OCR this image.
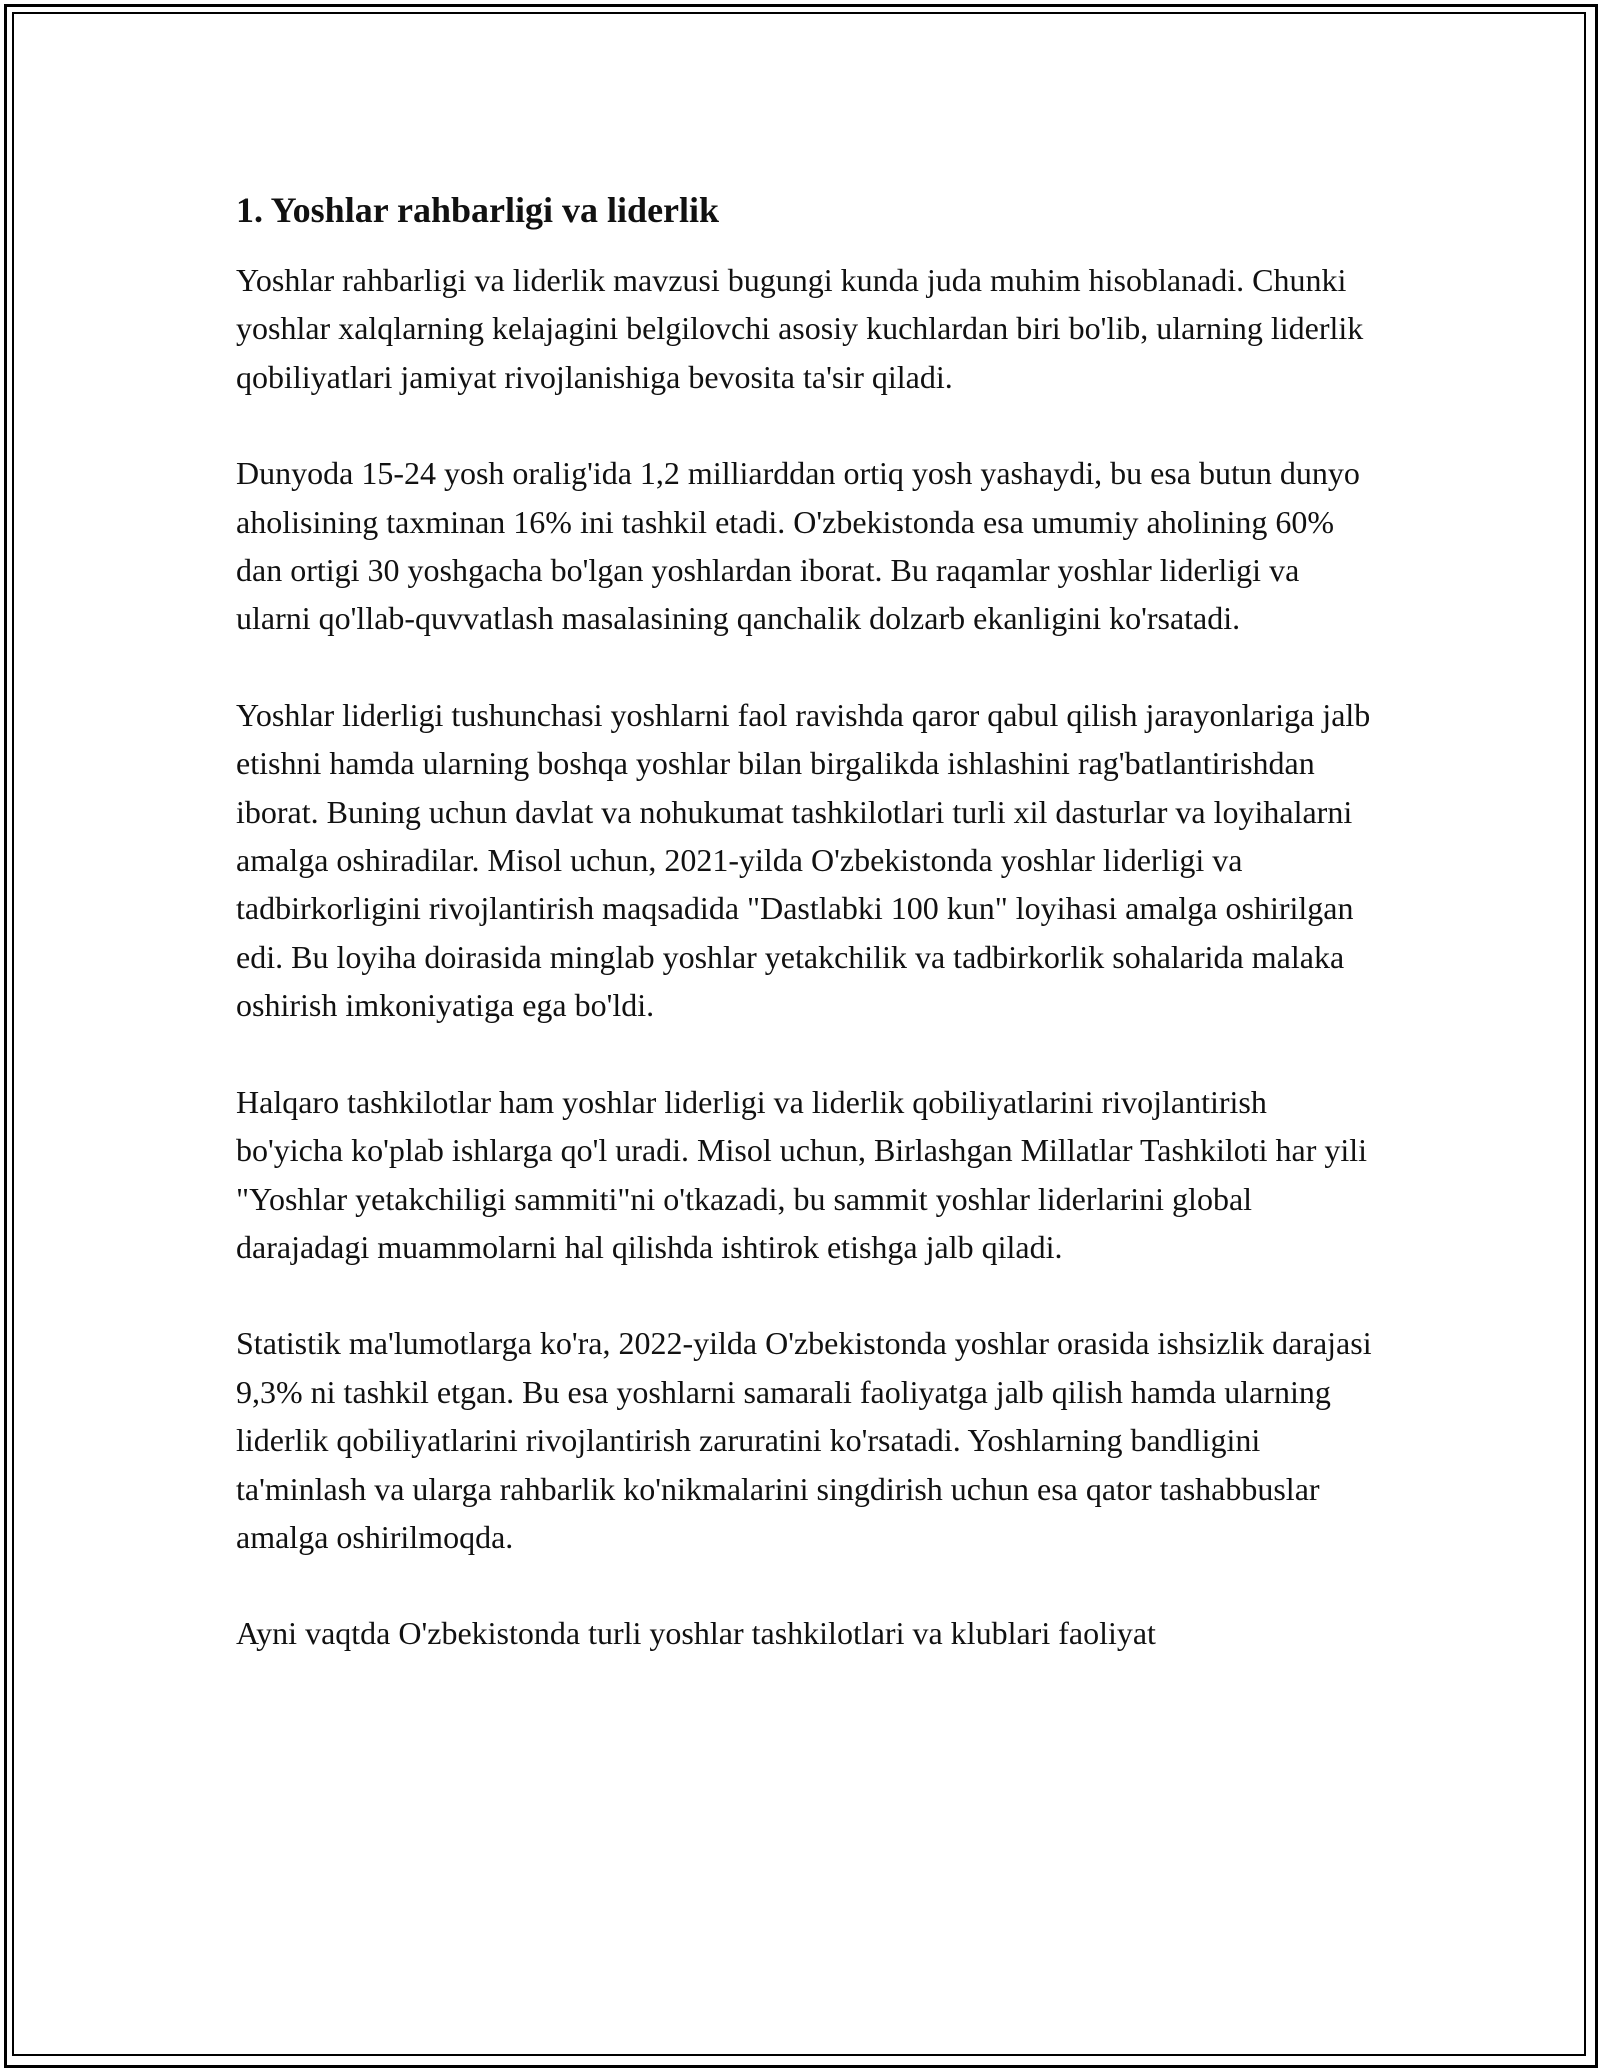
1. Yoshlar rahbarligi va liderlik

Yoshlar rahbarligi va liderlik mavzusi bugungi kunda juda muhim hisoblanadi. Chunki yoshlar xalqlarning kelajagini belgilovchi asosiy kuchlardan biri bo'lib, ularning liderlik qobiliyatlari jamiyat rivojlanishiga bevosita ta'sir qiladi.

Dunyoda 15-24 yosh oralig'ida 1,2 milliarddan ortiq yosh yashaydi, bu esa butun dunyo aholisining taxminan 16% ini tashkil etadi. O'zbekistonda esa umumiy aholining 60% dan ortigi 30 yoshgacha bo'lgan yoshlardan iborat. Bu raqamlar yoshlar liderligi va ularni qo'llab-quvvatlash masalasining qanchalik dolzarb ekanligini ko'rsatadi.

Yoshlar liderligi tushunchasi yoshlarni faol ravishda qaror qabul qilish jarayonlariga jalb etishni hamda ularning boshqa yoshlar bilan birgalikda ishlashini rag'batlantirishdan iborat. Buning uchun davlat va nohukumat tashkilotlari turli xil dasturlar va loyihalarni amalga oshiradilar. Misol uchun, 2021-yilda O'zbekistonda yoshlar liderligi va tadbirkorligini rivojlantirish maqsadida "Dastlabki 100 kun" loyihasi amalga oshirilgan edi. Bu loyiha doirasida minglab yoshlar yetakchilik va tadbirkorlik sohalarida malaka oshirish imkoniyatiga ega bo'ldi.

Halqaro tashkilotlar ham yoshlar liderligi va liderlik qobiliyatlarini rivojlantirish bo'yicha ko'plab ishlarga qo'l uradi. Misol uchun, Birlashgan Millatlar Tashkiloti har yili "Yoshlar yetakchiligi sammiti"ni o'tkazadi, bu sammit yoshlar liderlarini global darajadagi muammolarni hal qilishda ishtirok etishga jalb qiladi.

Statistik ma'lumotlarga ko'ra, 2022-yilda O'zbekistonda yoshlar orasida ishsizlik darajasi 9,3% ni tashkil etgan. Bu esa yoshlarni samarali faoliyatga jalb qilish hamda ularning liderlik qobiliyatlarini rivojlantirish zaruratini ko'rsatadi. Yoshlarning bandligini ta'minlash va ularga rahbarlik ko'nikmalarini singdirish uchun esa qator tashabbuslar amalga oshirilmoqda.

Ayni vaqtda O'zbekistonda turli yoshlar tashkilotlari va klublari faoliyat
